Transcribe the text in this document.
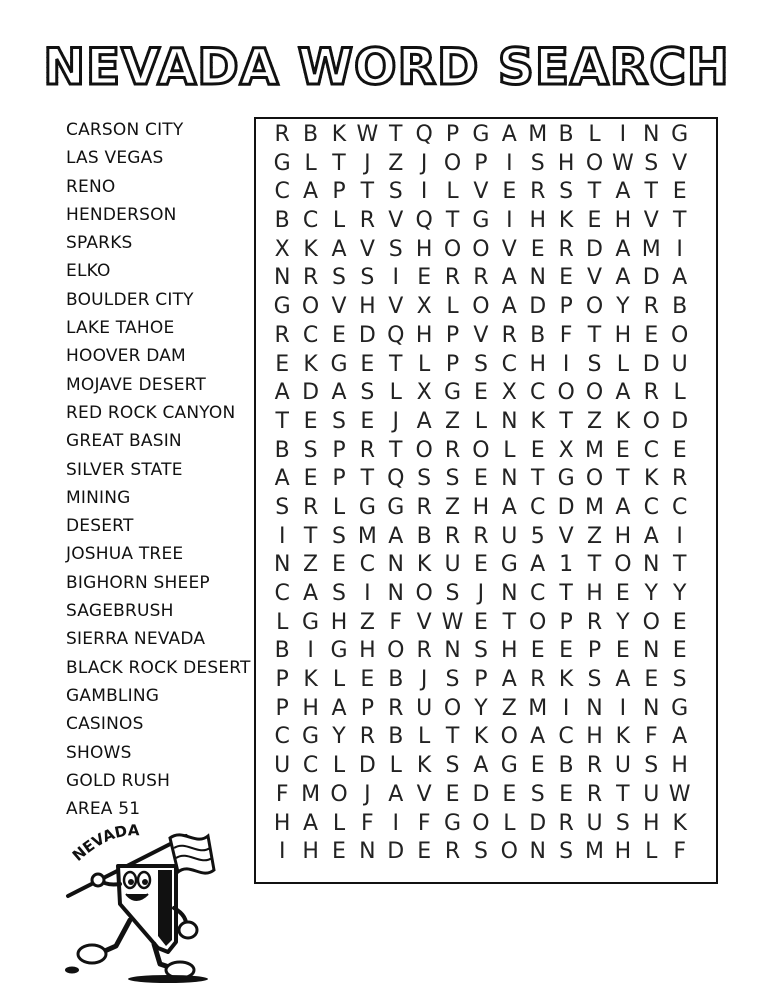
NEVADA WORD SEARCH
CARSON CITY
LAS VEGAS
RENO
HENDERSON
SPARKS
ELKO
BOULDER CITY
LAKE TAHOE
HOOVER DAM
MOJAVE DESERT
RED ROCK CANYON
GREAT BASIN
SILVER STATE
MINING
DESERT
JOSHUA TREE
BIGHORN SHEEP
SAGEBRUSH
SIERRA NEVADA
BLACK ROCK DESERT
GAMBLING
CASINOS
SHOWS
GOLD RUSH
AREA 51
R B K W T Q P G A M B L I N G
G L T J Z J O P I S H O W S V
C A P T S I L V E R S T A T E
B C L R V Q T G I H K E H V T
X K A V S H O O V E R D A M I
N R S S I E R R A N E V A D A
G O V H V X L O A D P O Y R B
R C E D Q H P V R B F T H E O
E K G E T L P S C H I S L D U
A D A S L X G E X C O O A R L
T E S E J A Z L N K T Z K O D
B S P R T O R O L E X M E C E
A E P T Q S S E N T G O T K R
S R L G G R Z H A C D M A C C
I T S M A B R R U 5 V Z H A I
N Z E C N K U E G A 1 T O N T
C A S I N O S J N C T H E Y Y
L G H Z F V W E T O P R Y O E
B I G H O R N S H E E P E N E
P K L E B J S P A R K S A E S
P H A P R U O Y Z M I N I N G
C G Y R B L T K O A C H K F A
U C L D L K S A G E B R U S H
F M O J A V E D E S E R T U W
H A L F I F G O L D R U S H K
I H E N D E R S O N S M H L F
NEVADA
